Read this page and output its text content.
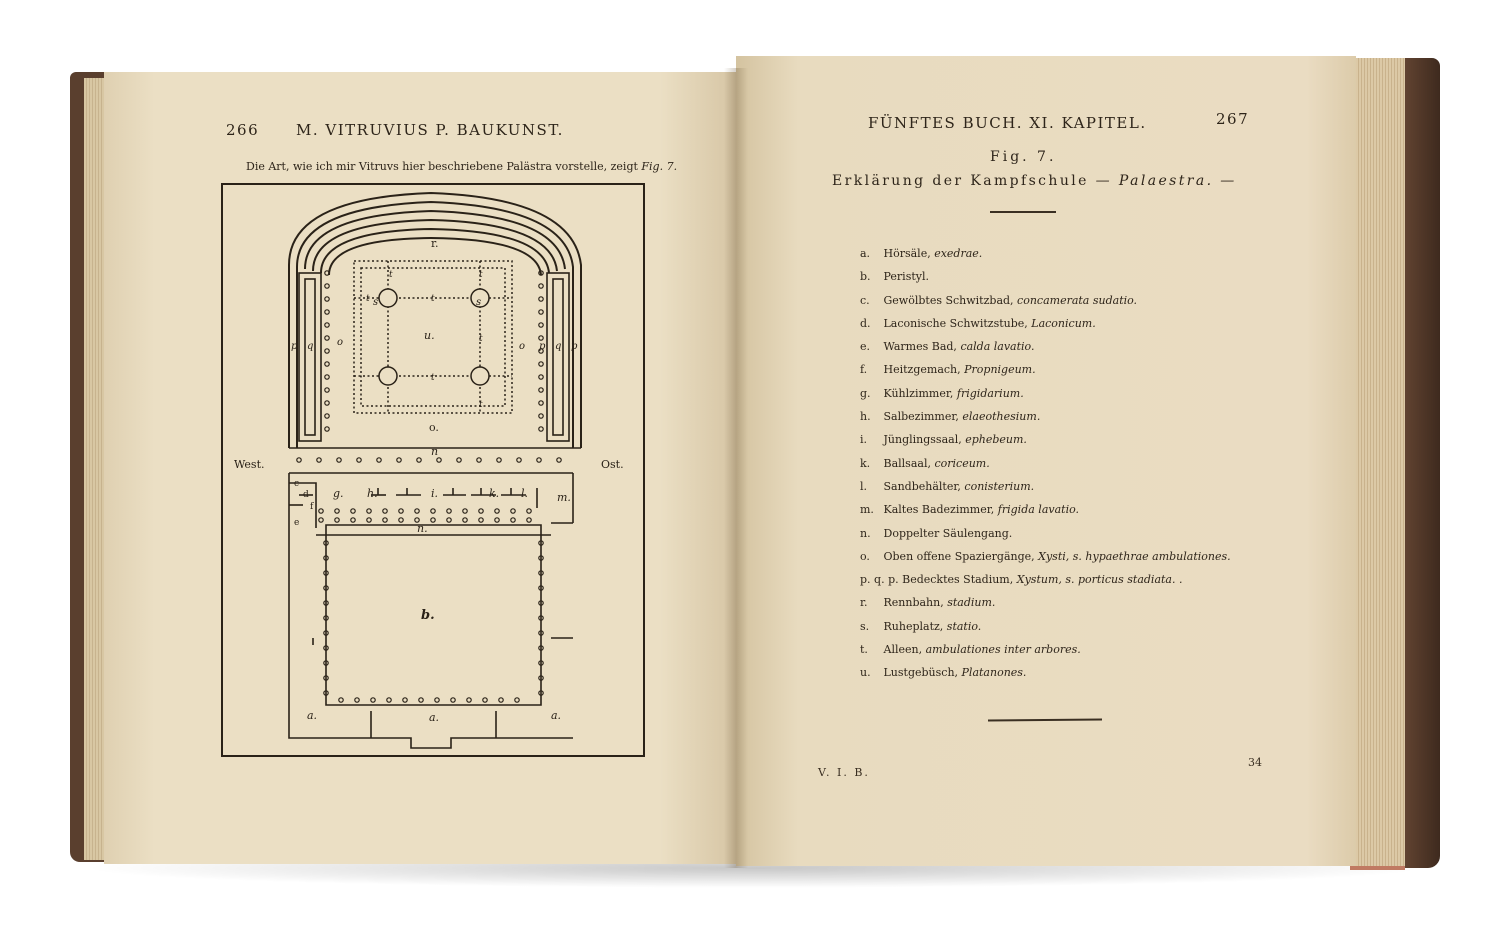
266 M. VITRUVIUS P. BAUKUNST.
Die Art, wie ich mir Vitruvs hier beschriebene Palästra vorstelle, zeigt Fig. 7.
r.
u.
o.
n
West.	Ost.
b.
a.
a.	a.
g. h.	i.	k. l.	m.
n.
c
d
e
f
p q o	o p q p
s	s
t	t
t	t
t
t
t
FÜNFTES BUCH. XI. KAPITEL.	267
Fig. 7.
Erklärung der Kampfschule — Palaestra. —
a. Hörsäle, exedrae.
b. Peristyl.
c. Gewölbtes Schwitzbad, concamerata sudatio.
d. Laconische Schwitzstube, Laconicum.
e. Warmes Bad, calda lavatio.
f. Heitzgemach, Propnigeum.
g. Kühlzimmer, frigidarium.
h. Salbezimmer, elaeothesium.
i. Jünglingssaal, ephebeum.
k. Ballsaal, coriceum.
l. Sandbehälter, conisterium.
m. Kaltes Badezimmer, frigida lavatio.
n. Doppelter Säulengang.
o. Oben offene Spaziergänge, Xysti, s. hypaethrae ambulationes.
p. q. p. Bedecktes Stadium, Xystum, s. porticus stadiata. .
r. Rennbahn, stadium.
s. Ruheplatz, statio.
t. Alleen, ambulationes inter arbores.
u. Lustgebüsch, Platanones.
V. I. B.
34
